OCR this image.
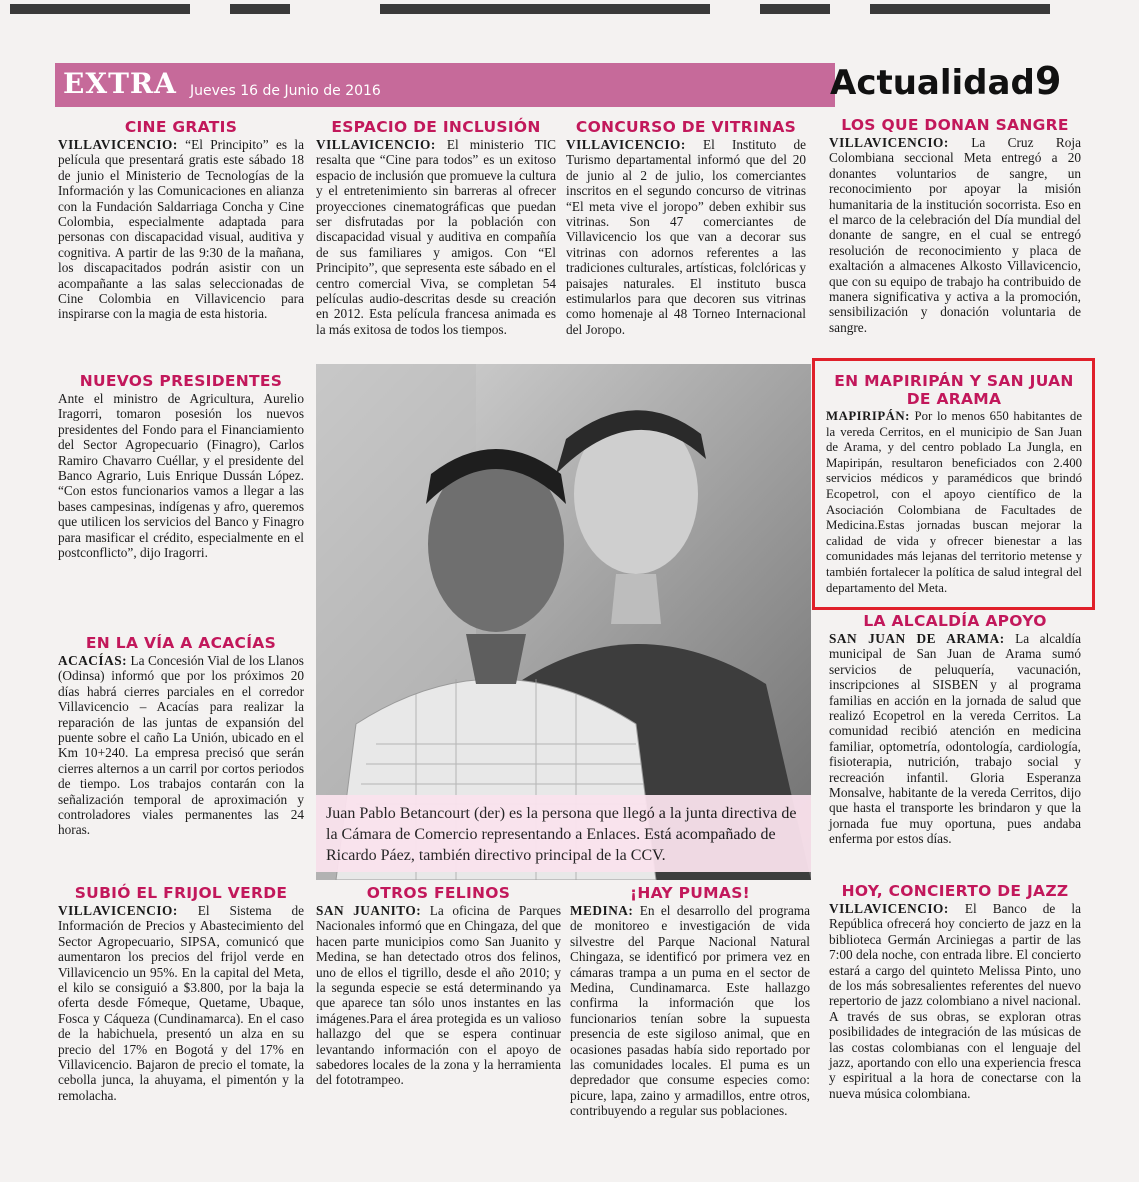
EXTRA Jueves 16 de Junio de 2016	Actualidad 9
CINE GRATIS

VILLAVICENCIO: “El Principito” es la película que presentará gratis este sábado 18 de junio el Ministerio de Tecnologías de la Información y las Comunicaciones en alianza con la Fundación Saldarriaga Concha y Cine Colombia, especialmente adaptada para personas con discapacidad visual, auditiva y cognitiva. A partir de las 9:30 de la mañana, los discapacitados podrán asistir con un acompañante a las salas seleccionadas de Cine Colombia en Villavicencio para inspirarse con la magia de esta historia.

ESPACIO DE INCLUSIÓN

VILLAVICENCIO: El ministerio TIC resalta que “Cine para todos” es un exitoso espacio de inclusión que promueve la cultura y el entretenimiento sin barreras al ofrecer proyecciones cinematográficas que puedan ser disfrutadas por la población con discapacidad visual y auditiva en compañía de sus familiares y amigos. Con “El Principito”, que sepresenta este sábado en el centro comercial Viva, se completan 54 películas audio-descritas desde su creación en 2012. Esta película francesa animada es la más exitosa de todos los tiempos.

CONCURSO DE VITRINAS

VILLAVICENCIO: El Instituto de Turismo departamental informó que del 20 de junio al 2 de julio, los comerciantes inscritos en el segundo concurso de vitrinas “El meta vive el joropo” deben exhibir sus vitrinas. Son 47 comerciantes de Villavicencio los que van a decorar sus vitrinas con adornos referentes a las tradiciones culturales, artísticas, folclóricas y paisajes naturales. El instituto busca estimularlos para que decoren sus vitrinas como homenaje al 48 Torneo Internacional del Joropo.

LOS QUE DONAN SANGRE

VILLAVICENCIO: La Cruz Roja Colombiana seccional Meta entregó a 20 donantes voluntarios de sangre, un reconocimiento por apoyar la misión humanitaria de la institución socorrista. Eso en el marco de la celebración del Día mundial del donante de sangre, en el cual se entregó resolución de reconocimiento y placa de exaltación a almacenes Alkosto Villavicencio, que con su equipo de trabajo ha contribuido de manera significativa y activa a la promoción, sensibilización y donación voluntaria de sangre.

NUEVOS PRESIDENTES

Ante el ministro de Agricultura, Aurelio Iragorri, tomaron posesión los nuevos presidentes del Fondo para el Financiamiento del Sector Agropecuario (Finagro), Carlos Ramiro Chavarro Cuéllar, y el presidente del Banco Agrario, Luis Enrique Dussán López. “Con estos funcionarios vamos a llegar a las bases campesinas, indígenas y afro, queremos que utilicen los servicios del Banco y Finagro para masificar el crédito, especialmente en el postconflicto”, dijo Iragorri.

EN LA VÍA A ACACÍAS

ACACÍAS: La Concesión Vial de los Llanos (Odinsa) informó que por los próximos 20 días habrá cierres parciales en el corredor Villavicencio – Acacías para realizar la reparación de las juntas de expansión del puente sobre el caño La Unión, ubicado en el Km 10+240. La empresa precisó que serán cierres alternos a un carril por cortos periodos de tiempo. Los trabajos contarán con la señalización temporal de aproximación y controladores viales permanentes las 24 horas.

Juan Pablo Betancourt (der) es la persona que llegó a la junta directiva de la Cámara de Comercio representando a Enlaces. Está acompañado de Ricardo Páez, también directivo principal de la CCV.

EN MAPIRIPÁN Y SAN JUAN DE ARAMA

MAPIRIPÁN: Por lo menos 650 habitantes de la vereda Cerritos, en el municipio de San Juan de Arama, y del centro poblado La Jungla, en Mapiripán, resultaron beneficiados con 2.400 servicios médicos y paramédicos que brindó Ecopetrol, con el apoyo científico de la Asociación Colombiana de Facultades de Medicina.Estas jornadas buscan mejorar la calidad de vida y ofrecer bienestar a las comunidades más lejanas del territorio metense y también fortalecer la política de salud integral del departamento del Meta.

LA ALCALDÍA APOYO

SAN JUAN DE ARAMA: La alcaldía municipal de San Juan de Arama sumó servicios de peluquería, vacunación, inscripciones al SISBEN y al programa familias en acción en la jornada de salud que realizó Ecopetrol en la vereda Cerritos. La comunidad recibió atención en medicina familiar, optometría, odontología, cardiología, fisioterapia, nutrición, trabajo social y recreación infantil. Gloria Esperanza Monsalve, habitante de la vereda Cerritos, dijo que hasta el transporte les brindaron y que la jornada fue muy oportuna, pues andaba enferma por estos días.

SUBIÓ EL FRIJOL VERDE

VILLAVICENCIO: El Sistema de Información de Precios y Abastecimiento del Sector Agropecuario, SIPSA, comunicó que aumentaron los precios del frijol verde en Villavicencio un 95%. En la capital del Meta, el kilo se consiguió a $3.800, por la baja la oferta desde Fómeque, Quetame, Ubaque, Fosca y Cáqueza (Cundinamarca). En el caso de la habichuela, presentó un alza en su precio del 17% en Bogotá y del 17% en Villavicencio. Bajaron de precio el tomate, la cebolla junca, la ahuyama, el pimentón y la remolacha.

OTROS FELINOS

SAN JUANITO: La oficina de Parques Nacionales informó que en Chingaza, del que hacen parte municipios como San Juanito y Medina, se han detectado otros dos felinos, uno de ellos el tigrillo, desde el año 2010; y la segunda especie se está determinando ya que aparece tan sólo unos instantes en las imágenes.Para el área protegida es un valioso hallazgo del que se espera continuar levantando información con el apoyo de sabedores locales de la zona y la herramienta del fototrampeo.

¡HAY PUMAS!

MEDINA: En el desarrollo del programa de monitoreo e investigación de vida silvestre del Parque Nacional Natural Chingaza, se identificó por primera vez en cámaras trampa a un puma en el sector de Medina, Cundinamarca. Este hallazgo confirma la información que los funcionarios tenían sobre la supuesta presencia de este sigiloso animal, que en ocasiones pasadas había sido reportado por las comunidades locales. El puma es un depredador que consume especies como: picure, lapa, zaino y armadillos, entre otros, contribuyendo a regular sus poblaciones.

HOY, CONCIERTO DE JAZZ

VILLAVICENCIO: El Banco de la República ofrecerá hoy concierto de jazz en la biblioteca Germán Arciniegas a partir de las 7:00 dela noche, con entrada libre. El concierto estará a cargo del quinteto Melissa Pinto, uno de los más sobresalientes referentes del nuevo repertorio de jazz colombiano a nivel nacional. A través de sus obras, se exploran otras posibilidades de integración de las músicas de las costas colombianas con el lenguaje del jazz, aportando con ello una experiencia fresca y espiritual a la hora de conectarse con la nueva música colombiana.
